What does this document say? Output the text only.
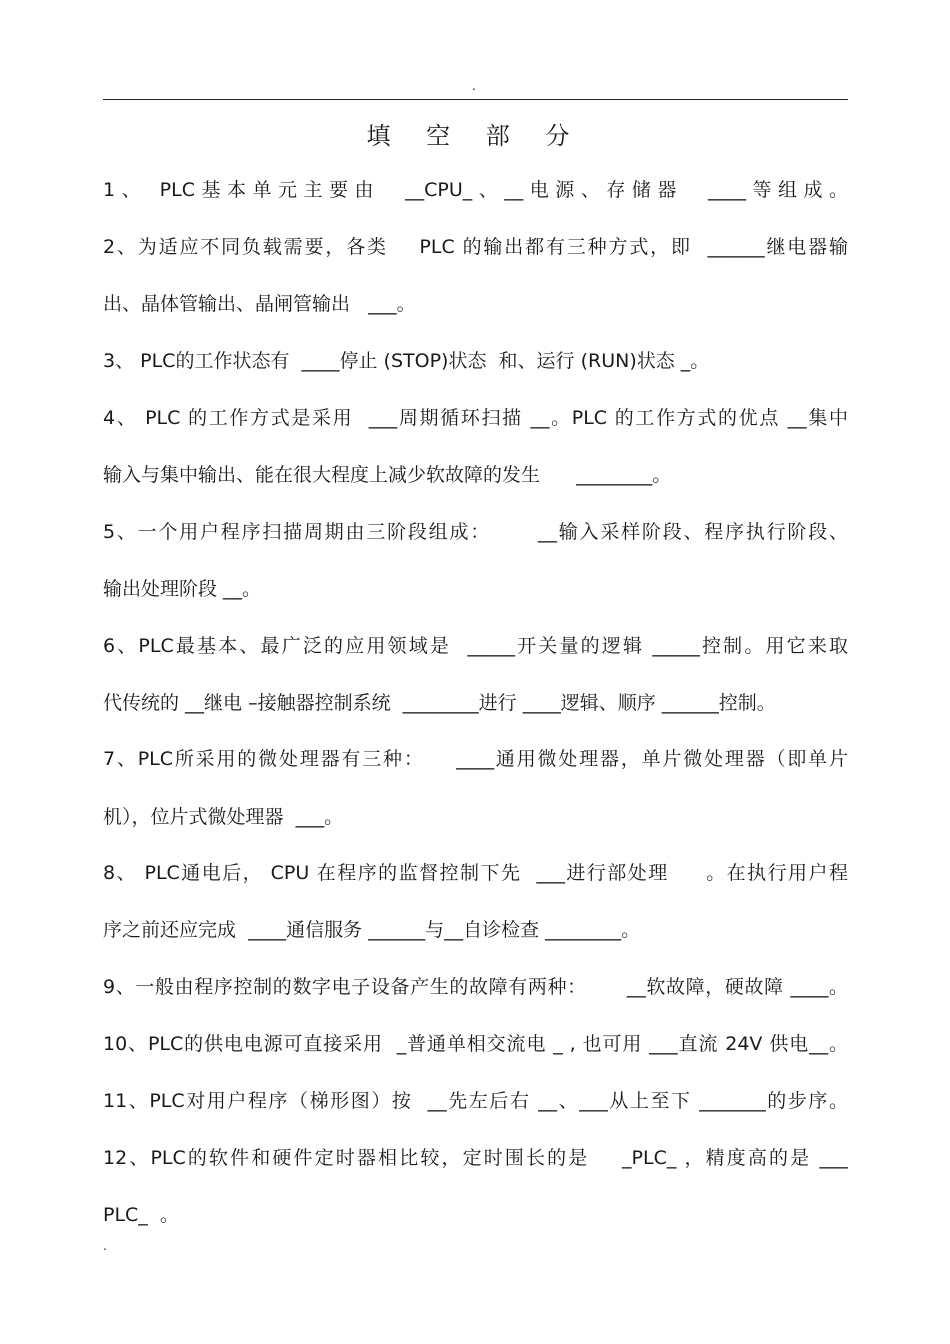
.
填 空 部 分
1、 PLC基本单元主要由  __CPU_、__电源、存储器  ____等组成。
2、为适应不同负载需要，各类    PLC 的输出都有三种方式，即  ______继电器输
出、晶体管输出、晶闸管输出   ___。
3、 PLC的工作状态有  ____停止 (STOP)状态  和、运行 (RUN)状态 _。
4、 PLC 的工作方式是采用  ___周期循环扫描 __。PLC 的工作方式的优点 __集中
输入与集中输出、能在很大程度上减少软故障的发生      ________。
5、一个用户程序扫描周期由三阶段组成：      __输入采样阶段、程序执行阶段、
输出处理阶段 __。
6、PLC最基本、最广泛的应用领域是  _____开关量的逻辑 _____控制。用它来取
代传统的 __继电 –接触器控制系统  ________进行 ____逻辑、顺序 ______控制。
7、PLC所采用的微处理器有三种：    ____通用微处理器，单片微处理器（即单片
机），位片式微处理器  ___。
8、 PLC通电后， CPU 在程序的监督控制下先  ___进行部处理     。在执行用户程
序之前还应完成  ____通信服务 ______与__自诊检查 ________。
9、一般由程序控制的数字电子设备产生的故障有两种：      __软故障，硬故障 ____。
10、PLC的供电电源可直接采用  _普通单相交流电 _ , 也可用 ___直流 24V 供电__。
11、PLC对用户程序（梯形图）按  __先左后右 __、___从上至下 _______的步序。
12、PLC的软件和硬件定时器相比较，定时围长的是    _PLC_ ，精度高的是 ___
PLC_  。
.
